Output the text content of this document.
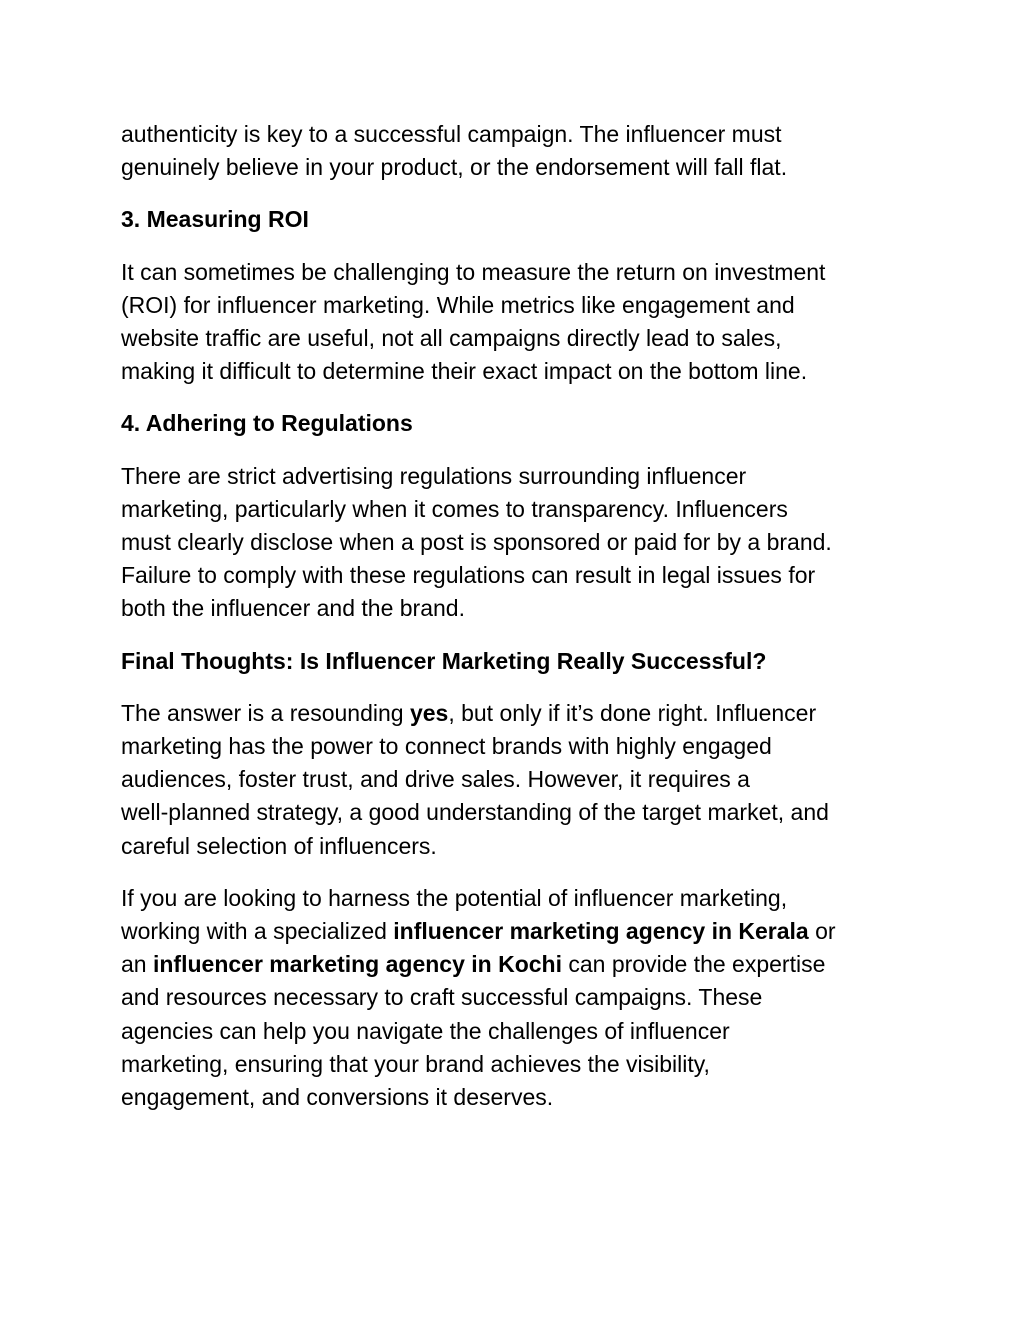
authenticity is key to a successful campaign. The influencer must
genuinely believe in your product, or the endorsement will fall flat.

3. Measuring ROI

It can sometimes be challenging to measure the return on investment
(ROI) for influencer marketing. While metrics like engagement and
website traffic are useful, not all campaigns directly lead to sales,
making it difficult to determine their exact impact on the bottom line.

4. Adhering to Regulations

There are strict advertising regulations surrounding influencer
marketing, particularly when it comes to transparency. Influencers
must clearly disclose when a post is sponsored or paid for by a brand.
Failure to comply with these regulations can result in legal issues for
both the influencer and the brand.

Final Thoughts: Is Influencer Marketing Really Successful?

The answer is a resounding yes, but only if it’s done right. Influencer
marketing has the power to connect brands with highly engaged
audiences, foster trust, and drive sales. However, it requires a
well-planned strategy, a good understanding of the target market, and
careful selection of influencers.

If you are looking to harness the potential of influencer marketing,
working with a specialized influencer marketing agency in Kerala or
an influencer marketing agency in Kochi can provide the expertise
and resources necessary to craft successful campaigns. These
agencies can help you navigate the challenges of influencer
marketing, ensuring that your brand achieves the visibility,
engagement, and conversions it deserves.
